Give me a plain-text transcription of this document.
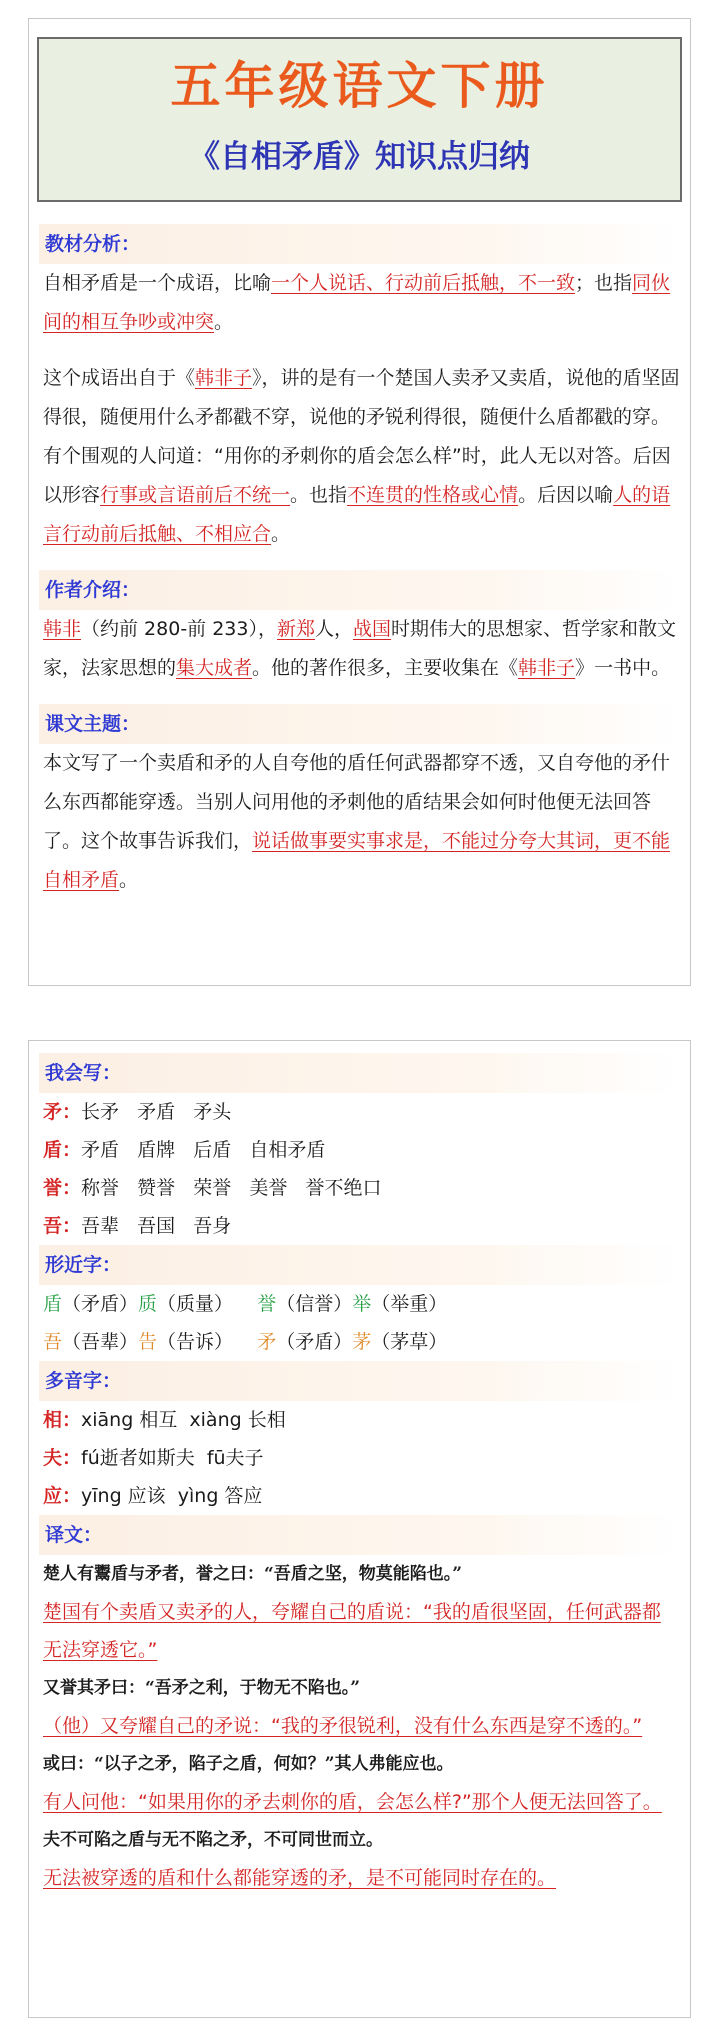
五年级语文下册
《自相矛盾》知识点归纳
教材分析：
自相矛盾是一个成语，比喻一个人说话、行动前后抵触，不一致；也指同伙间的相互争吵或冲突。
这个成语出自于《韩非子》，讲的是有一个楚国人卖矛又卖盾，说他的盾坚固得很，随便用什么矛都戳不穿，说他的矛锐利得很，随便什么盾都戳的穿。有个围观的人问道：“用你的矛刺你的盾会怎么样”时，此人无以对答。后因以形容行事或言语前后不统一。也指不连贯的性格或心情。后因以喻人的语言行动前后抵触、不相应合。
作者介绍：
韩非（约前 280-前 233），新郑人，战国时期伟大的思想家、哲学家和散文家，法家思想的集大成者。他的著作很多，主要收集在《韩非子》一书中。
课文主题：
本文写了一个卖盾和矛的人自夸他的盾任何武器都穿不透，又自夸他的矛什么东西都能穿透。当别人问用他的矛刺他的盾结果会如何时他便无法回答了。这个故事告诉我们，说话做事要实事求是，不能过分夸大其词，更不能自相矛盾。
我会写：
矛：长矛   矛盾   矛头
盾：矛盾   盾牌   后盾   自相矛盾
誉：称誉   赞誉   荣誉   美誉   誉不绝口
吾：吾辈   吾国   吾身
形近字：
盾（矛盾）质（质量）    誉（信誉）举（举重）
吾（吾辈）告（告诉）    矛（矛盾）茅（茅草）
多音字：
相：xiāng 相互  xiàng 长相
夫：fú逝者如斯夫  fū夫子
应：yīng 应该  yìng 答应
译文：
楚人有鬻盾与矛者，誉之曰：“吾盾之坚，物莫能陷也。”
楚国有个卖盾又卖矛的人，夸耀自己的盾说：“我的盾很坚固，任何武器都无法穿透它。”
又誉其矛曰：“吾矛之利，于物无不陷也。”
（他）又夸耀自己的矛说：“我的矛很锐利，没有什么东西是穿不透的。”
或曰：“以子之矛，陷子之盾，何如？”其人弗能应也。
有人问他：“如果用你的矛去刺你的盾，会怎么样?”那个人便无法回答了。
夫不可陷之盾与无不陷之矛，不可同世而立。
无法被穿透的盾和什么都能穿透的矛，是不可能同时存在的。
